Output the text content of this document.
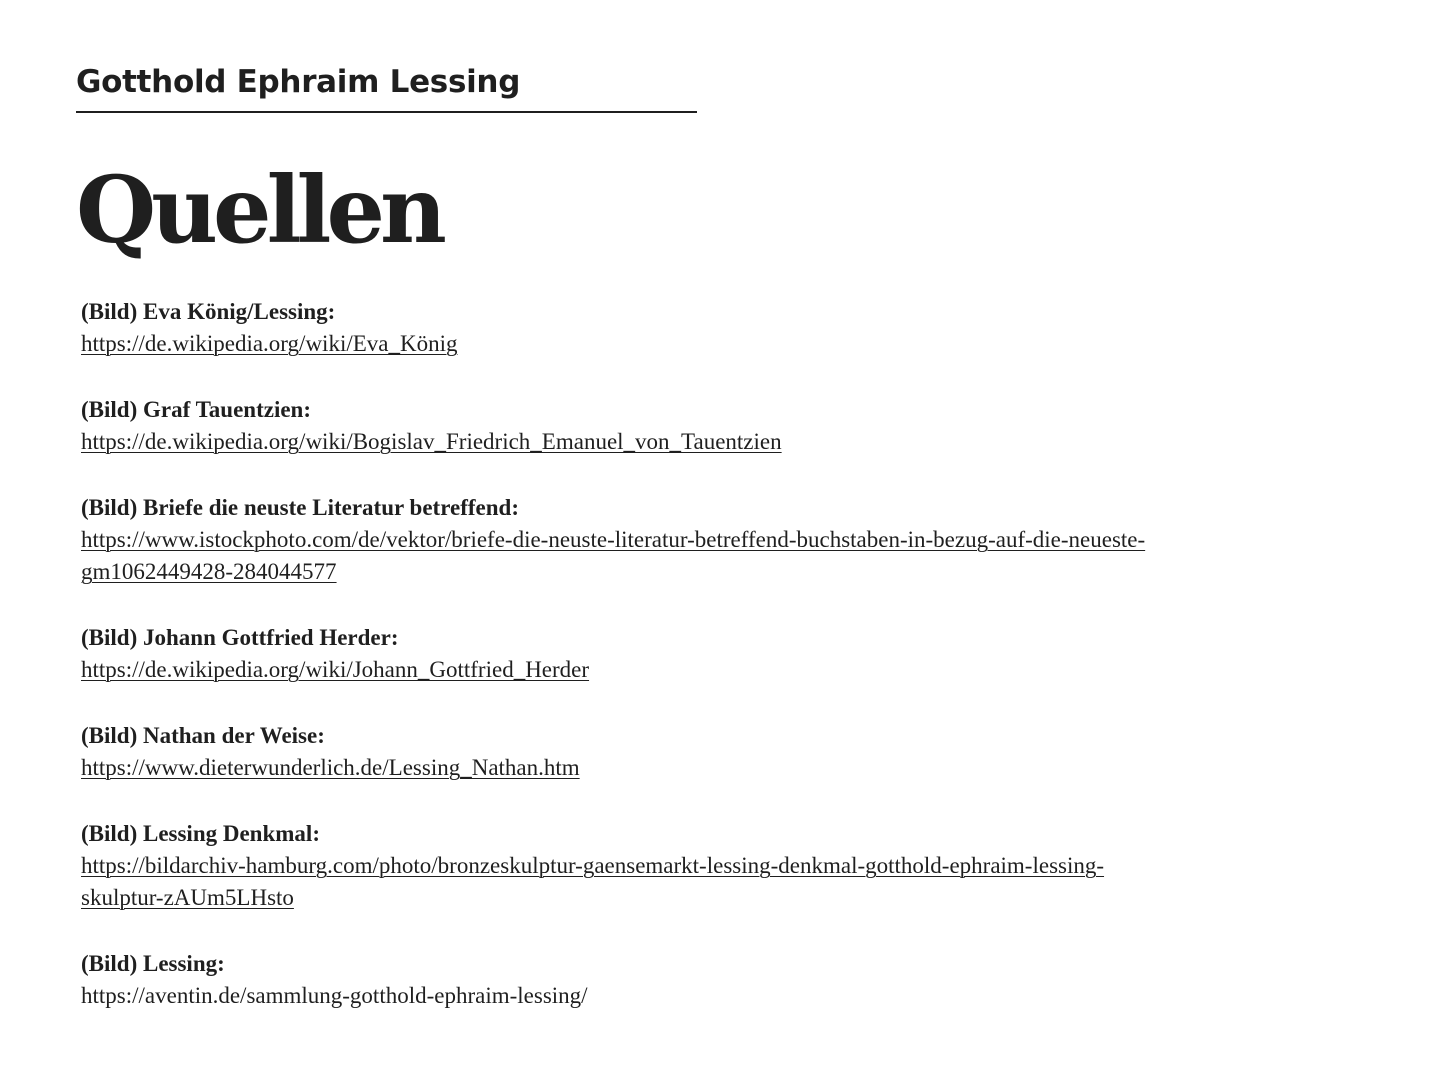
Gotthold Ephraim Lessing
Quellen
(Bild) Eva König/Lessing:
https://de.wikipedia.org/wiki/Eva_König
(Bild) Graf Tauentzien:
https://de.wikipedia.org/wiki/Bogislav_Friedrich_Emanuel_von_Tauentzien
(Bild) Briefe die neuste Literatur betreffend:
https://www.istockphoto.com/de/vektor/briefe-die-neuste-literatur-betreffend-buchstaben-in-bezug-auf-die-neueste-
gm1062449428-284044577
(Bild) Johann Gottfried Herder:
https://de.wikipedia.org/wiki/Johann_Gottfried_Herder
(Bild) Nathan der Weise:
https://www.dieterwunderlich.de/Lessing_Nathan.htm
(Bild) Lessing Denkmal:
https://bildarchiv-hamburg.com/photo/bronzeskulptur-gaensemarkt-lessing-denkmal-gotthold-ephraim-lessing-
skulptur-zAUm5LHsto
(Bild) Lessing:
https://aventin.de/sammlung-gotthold-ephraim-lessing/
